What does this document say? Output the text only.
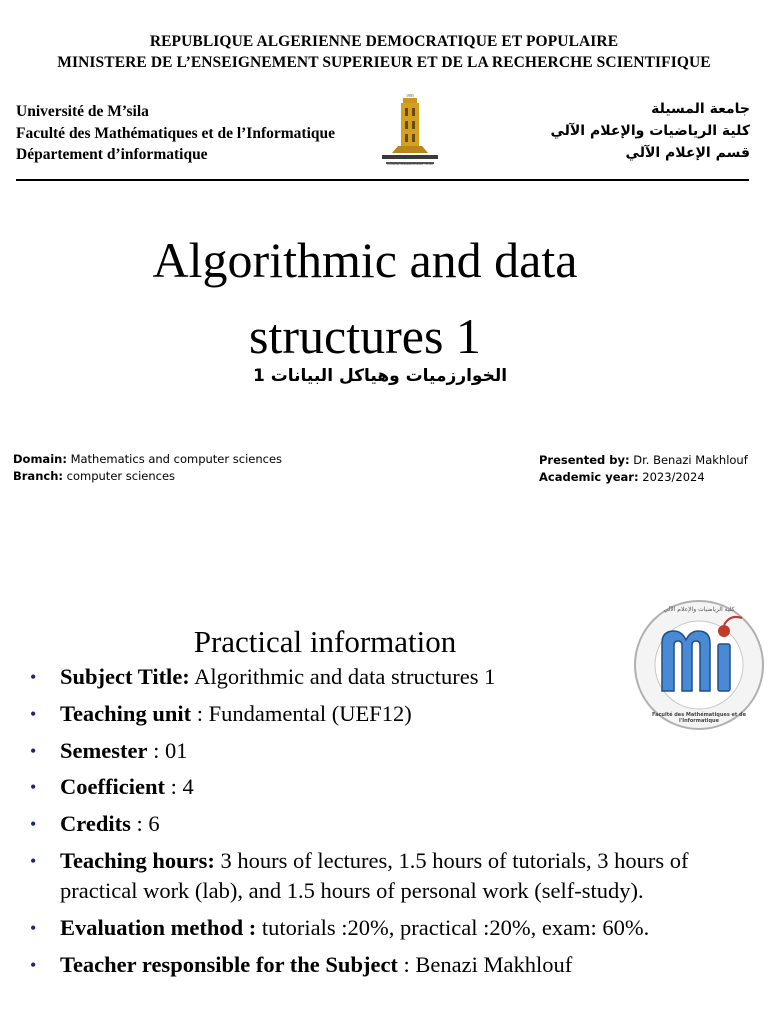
REPUBLIQUE ALGERIENNE DEMOCRATIQUE ET POPULAIRE
MINISTERE DE L’ENSEIGNEMENT SUPERIEUR ET DE LA RECHERCHE SCIENTIFIQUE
Université de M’sila
Faculté des Mathématiques et de l’Informatique
Département d’informatique	جامعة محمد بوضياف - المسيلة
Université Mohamed Boudiaf - M'sila
1985
جامعة المسيلة
كلية الرياضيات والإعلام الآلي
قسم الإعلام الآلي
Algorithmic and data
structures 1
الخوارزميات وهياكل البيانات 1
Domain: Mathematics and computer sciences
Branch: computer sciences
Presented by: Dr. Benazi Makhlouf
Academic year: 2023/2024
كلية الرياضيات والإعلام الآلي
Faculté des Mathématiques et de l'Informatique
Practical information
• Subject Title: Algorithmic and data structures 1
• Teaching unit : Fundamental (UEF12)
• Semester : 01
• Coefficient : 4
• Credits : 6
• Teaching hours: 3 hours of lectures, 1.5 hours of tutorials, 3 hours of practical work (lab), and 1.5 hours of personal work (self-study).
• Evaluation method : tutorials :20%, practical :20%, exam: 60%.
• Teacher responsible for the Subject : Benazi Makhlouf
